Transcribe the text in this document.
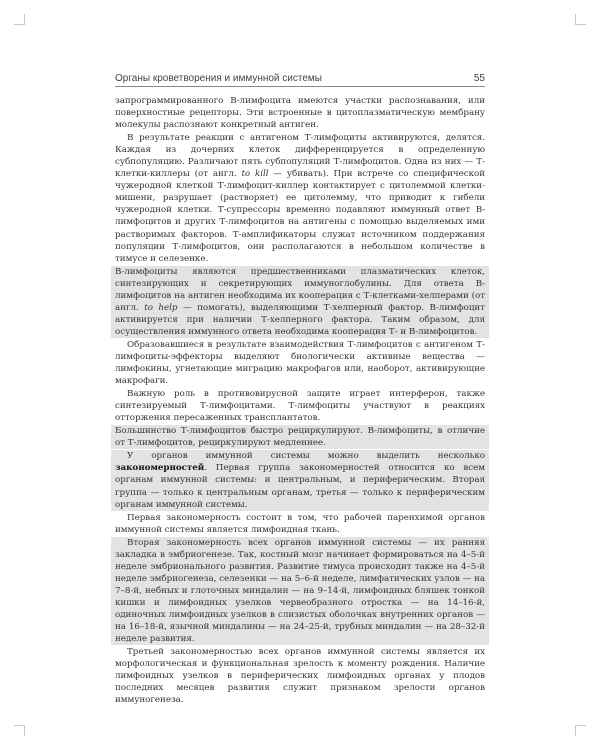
Органы кроветворения и иммунной системы	55

запрограммированного В-лимфоцита имеются участки распознавания, или поверхностные рецепторы. Эти встроенные в цитоплазматическую мембрану молекулы распознают конкретный антиген.

В результате реакции с антигеном Т-лимфоциты активируются, делятся. Каждая из дочерних клеток дифференцируется в определенную субпопуляцию. Различают пять субпопуляций Т-лимфоцитов. Одна из них — Т-клетки-киллеры (от англ. to kill — убивать). При встрече со специфической чужеродной клеткой Т-лимфоцит-киллер контактирует с цитолеммой клетки-мишени, разрушает (растворяет) ее цитолемму, что приводит к гибели чужеродной клетки. Т-супрессоры временно подавляют иммунный ответ В-лимфоцитов и других Т-лимфоцитов на антигены с помощью выделяемых ими растворимых факторов. Т-амплификаторы служат источником поддержания популяции Т-лимфоцитов, они располагаются в небольшом количестве в тимусе и селезенке.

В-лимфоциты являются предшественниками плазматических клеток, синтезирующих и секретирующих иммуноглобулины. Для ответа В-лимфоцитов на антиген необходима их кооперация с Т-клетками-хелперами (от англ. to help — помогать), выделяющими Т-хелперный фактор. В-лимфоцит активируется при наличии Т-хелперного фактора. Таким образом, для осуществления иммунного ответа необходима кооперация Т- и В-лимфоцитов.

Образовавшиеся в результате взаимодействия Т-лимфоцитов с антигеном Т-лимфоциты-эффекторы выделяют биологически активные вещества — лимфокины, угнетающие миграцию макрофагов или, наоборот, активирующие макрофаги.

Важную роль в противовирусной защите играет интерферон, также синтезируемый Т-лимфоцитами. Т-лимфоциты участвуют в реакциях отторжения пересаженных трансплантатов.

Большинство Т-лимфоцитов быстро рециркулируют. В-лимфоциты, в отличие от Т-лимфоцитов, рециркулируют медленнее.

У органов иммунной системы можно выделить несколько закономерностей. Первая группа закономерностей относится ко всем органам иммунной системы: и центральным, и периферическим. Вторая группа — только к центральным органам, третья — только к периферическим органам иммунной системы.

Первая закономерность состоит в том, что рабочей паренхимой органов иммунной системы является лимфоидная ткань.

Вторая закономерность всех органов иммунной системы — их ранняя закладка в эмбриогенезе. Так, костный мозг начинает формироваться на 4–5-й неделе эмбрионального развития. Развитие тимуса происходит также на 4–5-й неделе эмбриогенеза, селезенки — на 5–6-й неделе, лимфатических узлов — на 7–8-й, небных и глоточных миндалин — на 9–14-й, лимфоидных бляшек тонкой кишки и лимфоидных узелков червеобразного отростка — на 14–16-й, одиночных лимфоидных узелков в слизистых оболочках внутренних органов — на 16–18-й, язычной миндалины — на 24–25-й, трубных миндалин — на 28–32-й неделе развития.

Третьей закономерностью всех органов иммунной системы является их морфологическая и функциональная зрелость к моменту рождения. Наличие лимфоидных узелков в периферических лимфоидных органах у плодов последних месяцев развития служит признаком зрелости органов иммуногенеза.
